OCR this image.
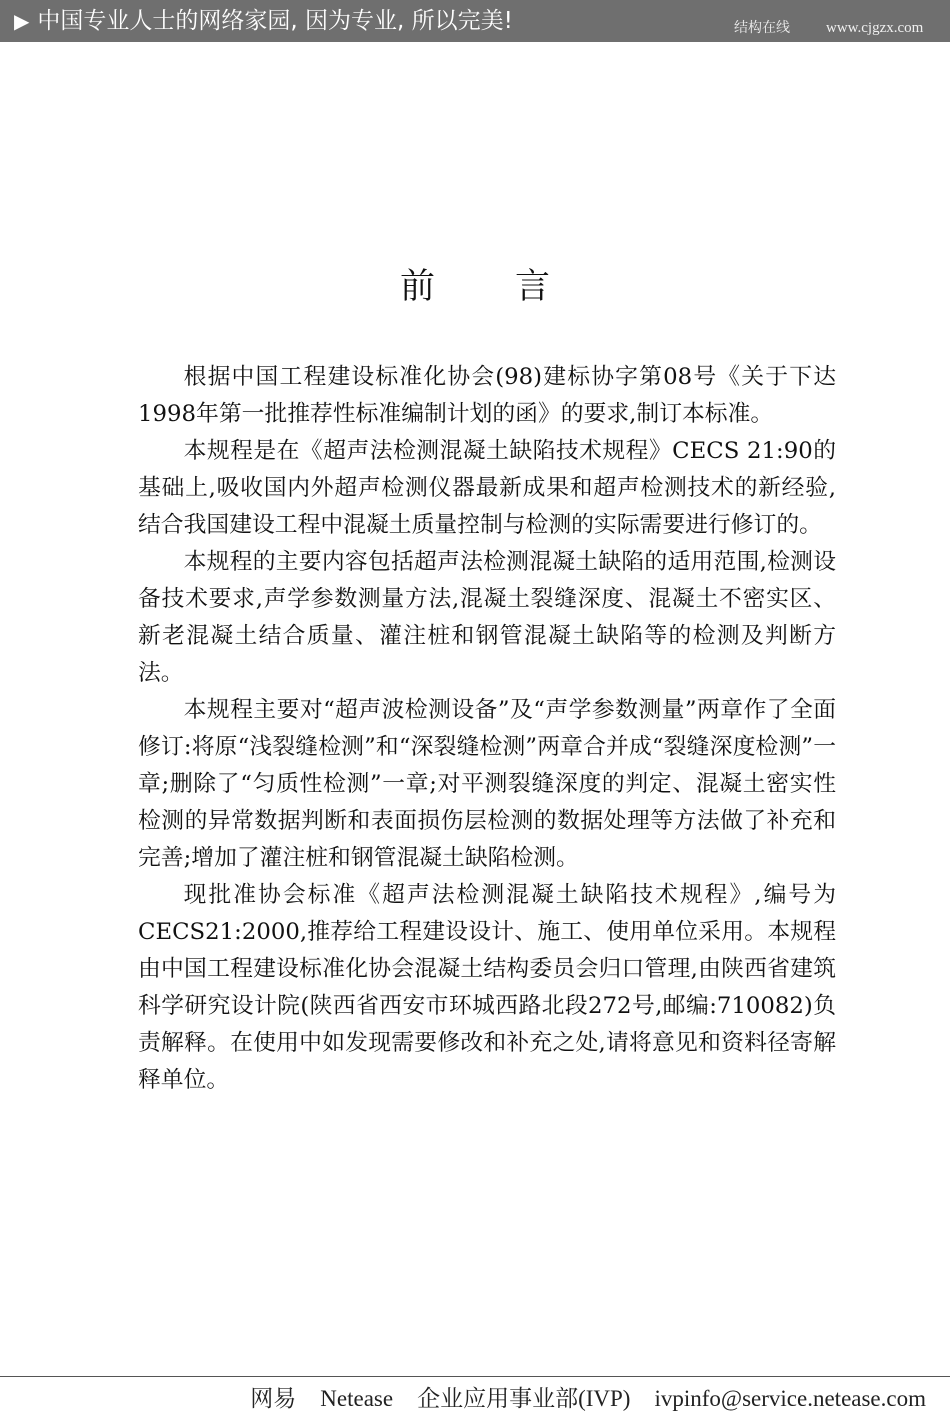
▶ 中国专业人士的网络家园, 因为专业, 所以完美!	结构在线 www.cjgzx.com

前言

根据中国工程建设标准化协会(98)建标协字第08号《关于下达1998年第一批推荐性标准编制计划的函》的要求,制订本标准。

本规程是在《超声法检测混凝土缺陷技术规程》CECS 21:90的基础上,吸收国内外超声检测仪器最新成果和超声检测技术的新经验,结合我国建设工程中混凝土质量控制与检测的实际需要进行修订的。

本规程的主要内容包括超声法检测混凝土缺陷的适用范围,检测设备技术要求,声学参数测量方法,混凝土裂缝深度、混凝土不密实区、新老混凝土结合质量、灌注桩和钢管混凝土缺陷等的检测及判断方法。

本规程主要对“超声波检测设备”及“声学参数测量”两章作了全面修订:将原“浅裂缝检测”和“深裂缝检测”两章合并成“裂缝深度检测”一章;删除了“匀质性检测”一章;对平测裂缝深度的判定、混凝土密实性检测的异常数据判断和表面损伤层检测的数据处理等方法做了补充和完善;增加了灌注桩和钢管混凝土缺陷检测。

现批准协会标准《超声法检测混凝土缺陷技术规程》,编号为CECS21:2000,推荐给工程建设设计、施工、使用单位采用。本规程由中国工程建设标准化协会混凝土结构委员会归口管理,由陕西省建筑科学研究设计院(陕西省西安市环城西路北段272号,邮编:710082)负责解释。在使用中如发现需要修改和补充之处,请将意见和资料径寄解释单位。

网易 Netease 企业应用事业部(IVP) ivpinfo@service.netease.com
